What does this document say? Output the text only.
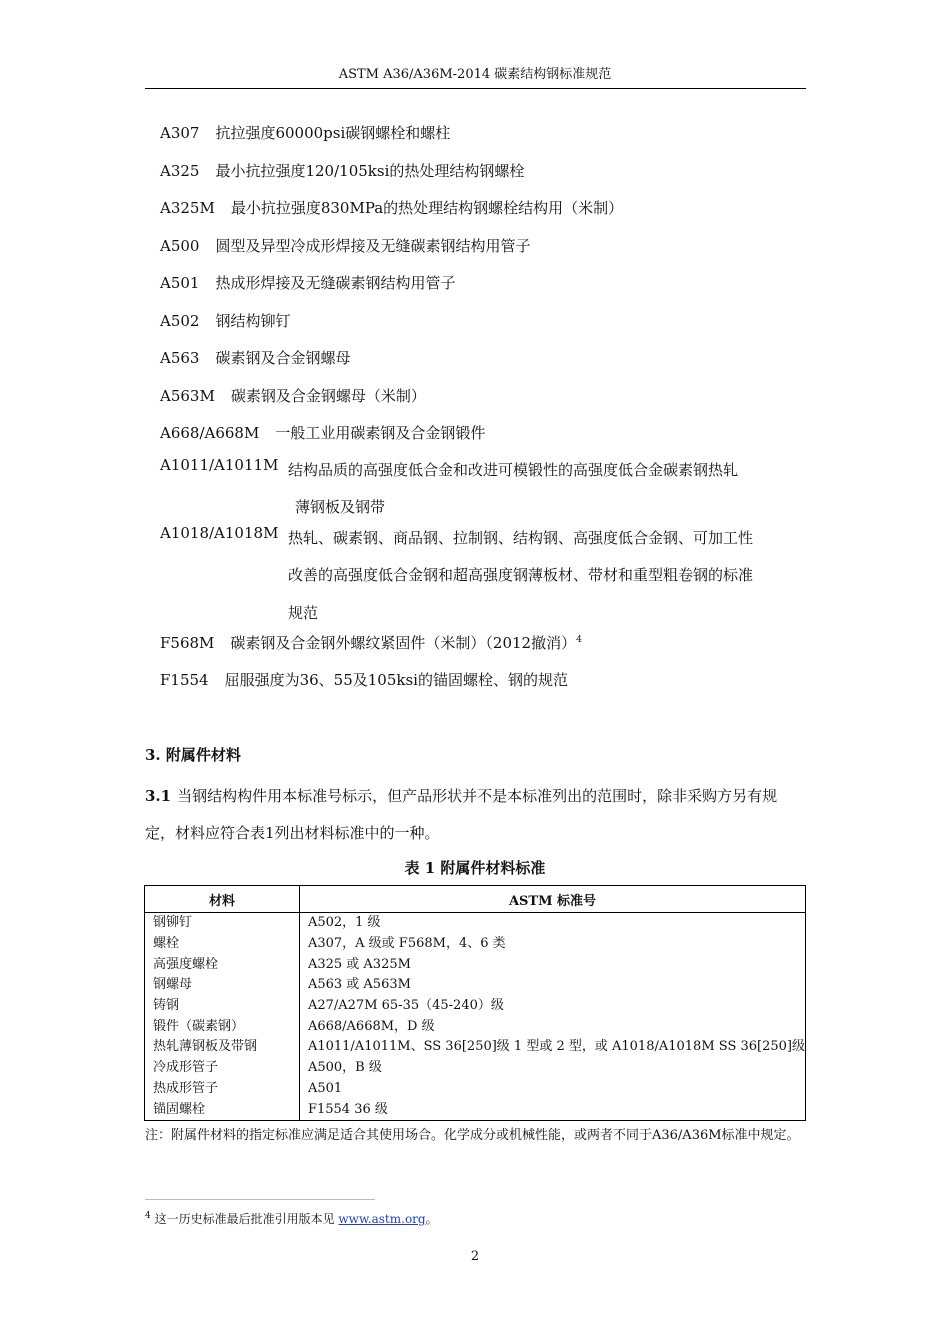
ASTM A36/A36M-2014 碳素结构钢标准规范
A307 抗拉强度60000psi碳钢螺栓和螺柱
A325 最小抗拉强度120/105ksi的热处理结构钢螺栓
A325M 最小抗拉强度830MPa的热处理结构钢螺栓结构用（米制）
A500 圆型及异型冷成形焊接及无缝碳素钢结构用管子
A501 热成形焊接及无缝碳素钢结构用管子
A502 钢结构铆钉
A563 碳素钢及合金钢螺母
A563M 碳素钢及合金钢螺母（米制）
A668/A668M 一般工业用碳素钢及合金钢锻件
A1011/A1011M 结构品质的高强度低合金和改进可模锻性的高强度低合金碳素钢热轧
薄钢板及钢带
A1018/A1018M 热轧、碳素钢、商品钢、拉制钢、结构钢、高强度低合金钢、可加工性
改善的高强度低合金钢和超高强度钢薄板材、带材和重型粗卷钢的标准
规范
F568M 碳素钢及合金钢外螺纹紧固件（米制）（2012撤消）$^4$
F1554 屈服强度为36、55及105ksi的锚固螺栓、钢的规范
3. 附属件材料
3.1 当钢结构构件用本标准号标示，但产品形状并不是本标准列出的范围时，除非采购方另有规定，材料应符合表1列出材料标准中的一种。
表 1 附属件材料标准
材料	ASTM 标准号
钢铆钉	A502，1 级
螺栓	A307，A 级或 F568M，4、6 类
高强度螺栓	A325 或 A325M
钢螺母	A563 或 A563M
铸钢	A27/A27M 65-35（45-240）级
锻件（碳素钢）	A668/A668M，D 级
热轧薄钢板及带钢	A1011/A1011M、SS 36[250]级 1 型或 2 型，或 A1018/A1018M SS 36[250]级
冷成形管子	A500，B 级
热成形管子	A501
锚固螺栓	F1554 36 级
注：附属件材料的指定标准应满足适合其使用场合。化学成分或机械性能，或两者不同于A36/A36M标准中规定。
$^4$ 这一历史标准最后批准引用版本见 www.astm.org。
2
